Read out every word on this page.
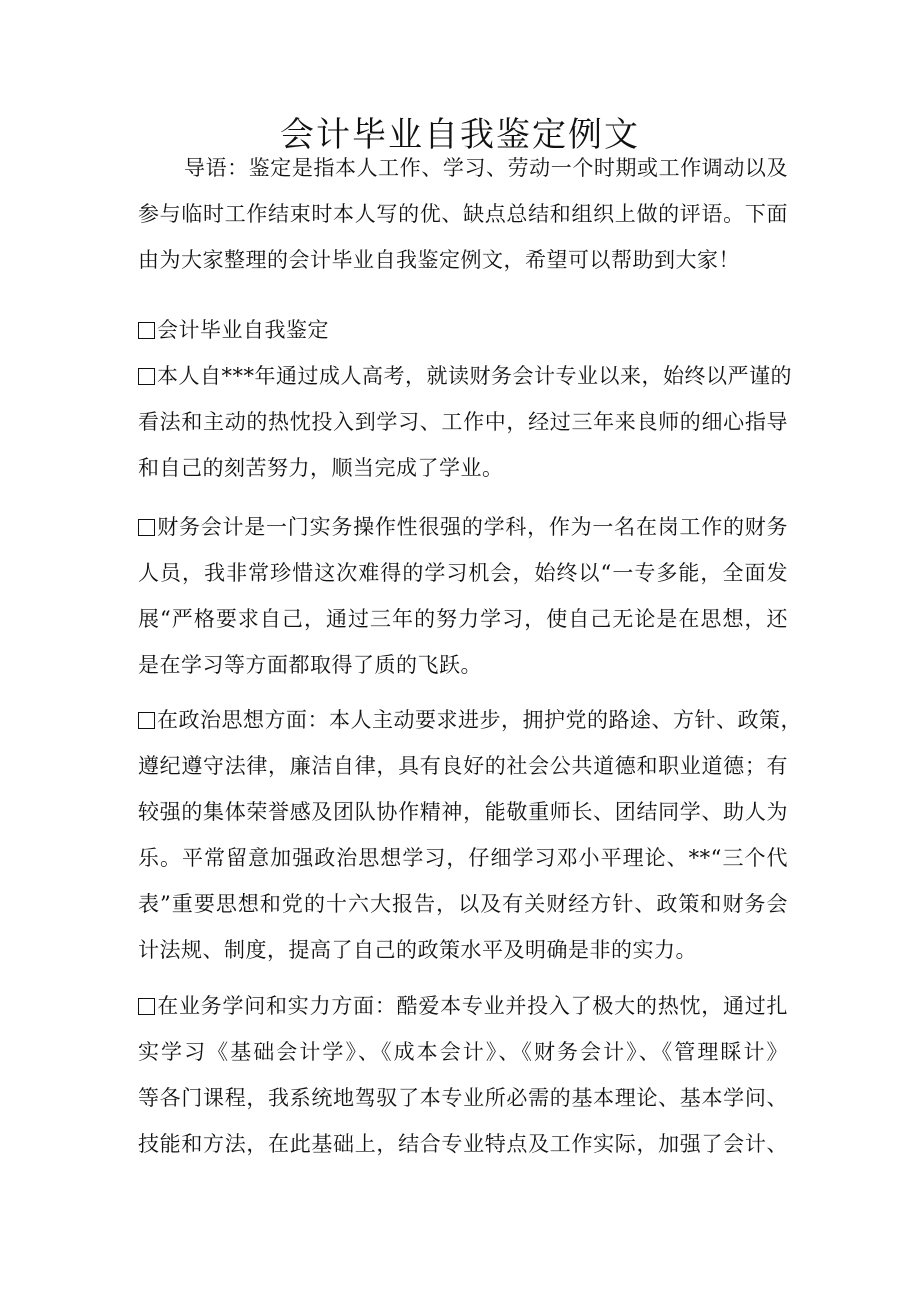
会计毕业自我鉴定例文
导语：鉴定是指本人工作、学习、劳动一个时期或工作调动以及
参与临时工作结束时本人写的优、缺点总结和组织上做的评语。下面
由为大家整理的会计毕业自我鉴定例文，希望可以帮助到大家！
会计毕业自我鉴定
本人自***年通过成人高考，就读财务会计专业以来，始终以严谨的
看法和主动的热忱投入到学习、工作中，经过三年来良师的细心指导
和自己的刻苦努力，顺当完成了学业。
财务会计是一门实务操作性很强的学科，作为一名在岗工作的财务
人员，我非常珍惜这次难得的学习机会，始终以“一专多能，全面发
展“严格要求自己，通过三年的努力学习，使自己无论是在思想，还
是在学习等方面都取得了质的飞跃。
在政治思想方面：本人主动要求进步，拥护党的路途、方针、政策，
遵纪遵守法律，廉洁自律，具有良好的社会公共道德和职业道德；有
较强的集体荣誉感及团队协作精神，能敬重师长、团结同学、助人为
乐。平常留意加强政治思想学习，仔细学习邓小平理论、**“三个代
表”重要思想和党的十六大报告，以及有关财经方针、政策和财务会
计法规、制度，提高了自己的政策水平及明确是非的实力。
在业务学问和实力方面：酷爱本专业并投入了极大的热忱，通过扎
实学习《基础会计学》、《成本会计》、《财务会计》、《管理睬计》
等各门课程，我系统地驾驭了本专业所必需的基本理论、基本学问、
技能和方法，在此基础上，结合专业特点及工作实际，加强了会计、
